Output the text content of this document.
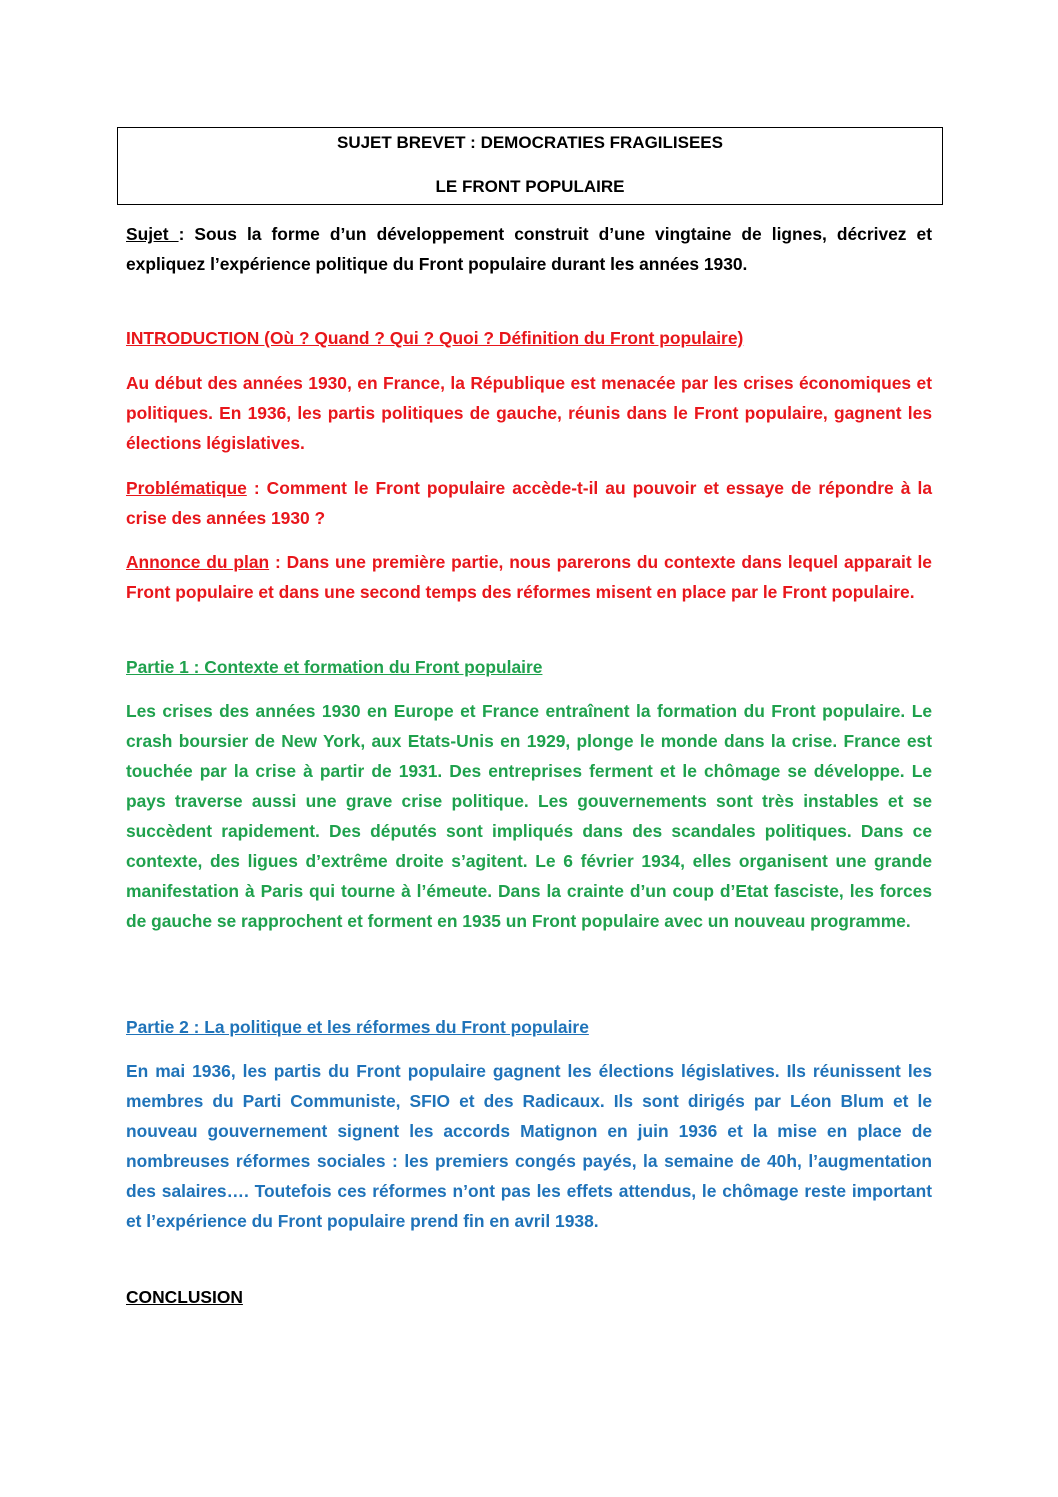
SUJET BREVET : DEMOCRATIES FRAGILISEES
LE FRONT POPULAIRE

Sujet : Sous la forme d’un développement construit d’une vingtaine de lignes, décrivez et expliquez l’expérience politique du Front populaire durant les années 1930.

INTRODUCTION (Où ? Quand ? Qui ? Quoi ? Définition du Front populaire)

Au début des années 1930, en France, la République est menacée par les crises économiques et politiques. En 1936, les partis politiques de gauche, réunis dans le Front populaire, gagnent les élections législatives.

Problématique : Comment le Front populaire accède-t-il au pouvoir et essaye de répondre à la crise des années 1930 ?

Annonce du plan : Dans une première partie, nous parerons du contexte dans lequel apparait le Front populaire et dans une second temps des réformes misent en place par le Front populaire.

Partie 1 : Contexte et formation du Front populaire

Les crises des années 1930 en Europe et France entraînent la formation du Front populaire. Le crash boursier de New York, aux Etats-Unis en 1929, plonge le monde dans la crise. France est touchée par la crise à partir de 1931. Des entreprises ferment et le chômage se développe. Le pays traverse aussi une grave crise politique. Les gouvernements sont très instables et se succèdent rapidement. Des députés sont impliqués dans des scandales politiques. Dans ce contexte, des ligues d’extrême droite s’agitent. Le 6 février 1934, elles organisent une grande manifestation à Paris qui tourne à l’émeute. Dans la crainte d’un coup d’Etat fasciste, les forces de gauche se rapprochent et forment en 1935 un Front populaire avec un nouveau programme.

Partie 2 : La politique et les réformes du Front populaire

En mai 1936, les partis du Front populaire gagnent les élections législatives. Ils réunissent les membres du Parti Communiste, SFIO et des Radicaux. Ils sont dirigés par Léon Blum et le nouveau gouvernement signent les accords Matignon en juin 1936 et la mise en place de nombreuses réformes sociales : les premiers congés payés, la semaine de 40h, l’augmentation des salaires…. Toutefois ces réformes n’ont pas les effets attendus, le chômage reste important et l’expérience du Front populaire prend fin en avril 1938.

CONCLUSION
